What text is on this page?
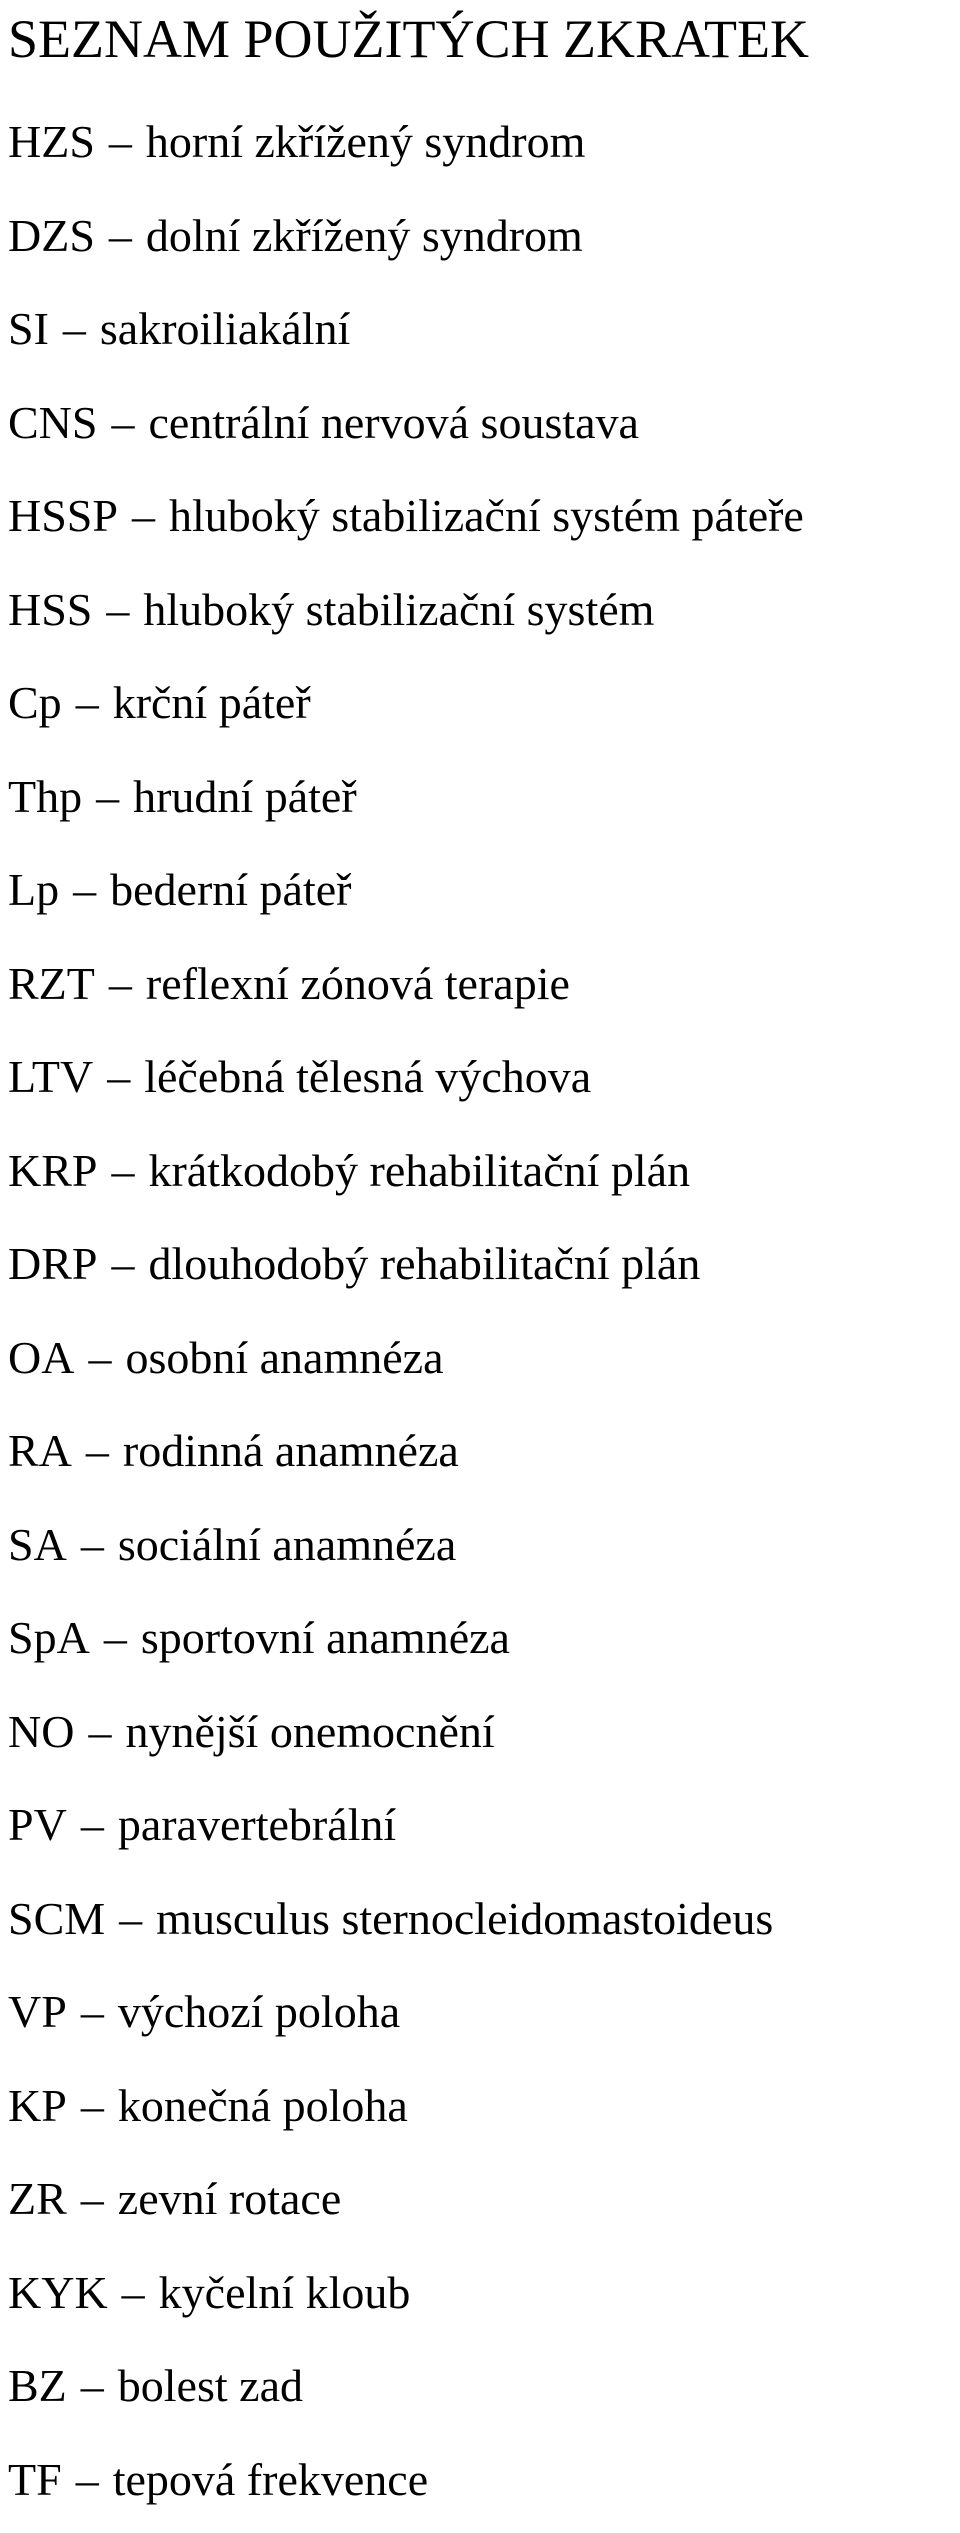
SEZNAM POUŽITÝCH ZKRATEK
HZS – horní zkřížený syndrom
DZS – dolní zkřížený syndrom
SI – sakroiliakální
CNS – centrální nervová soustava
HSSP – hluboký stabilizační systém páteře
HSS – hluboký stabilizační systém
Cp – krční páteř
Thp – hrudní páteř
Lp – bederní páteř
RZT – reflexní zónová terapie
LTV – léčebná tělesná výchova
KRP – krátkodobý rehabilitační plán
DRP – dlouhodobý rehabilitační plán
OA – osobní anamnéza
RA – rodinná anamnéza
SA – sociální anamnéza
SpA – sportovní anamnéza
NO – nynější onemocnění
PV – paravertebrální
SCM – musculus sternocleidomastoideus
VP – výchozí poloha
KP – konečná poloha
ZR – zevní rotace
KYK – kyčelní kloub
BZ – bolest zad
TF – tepová frekvence
